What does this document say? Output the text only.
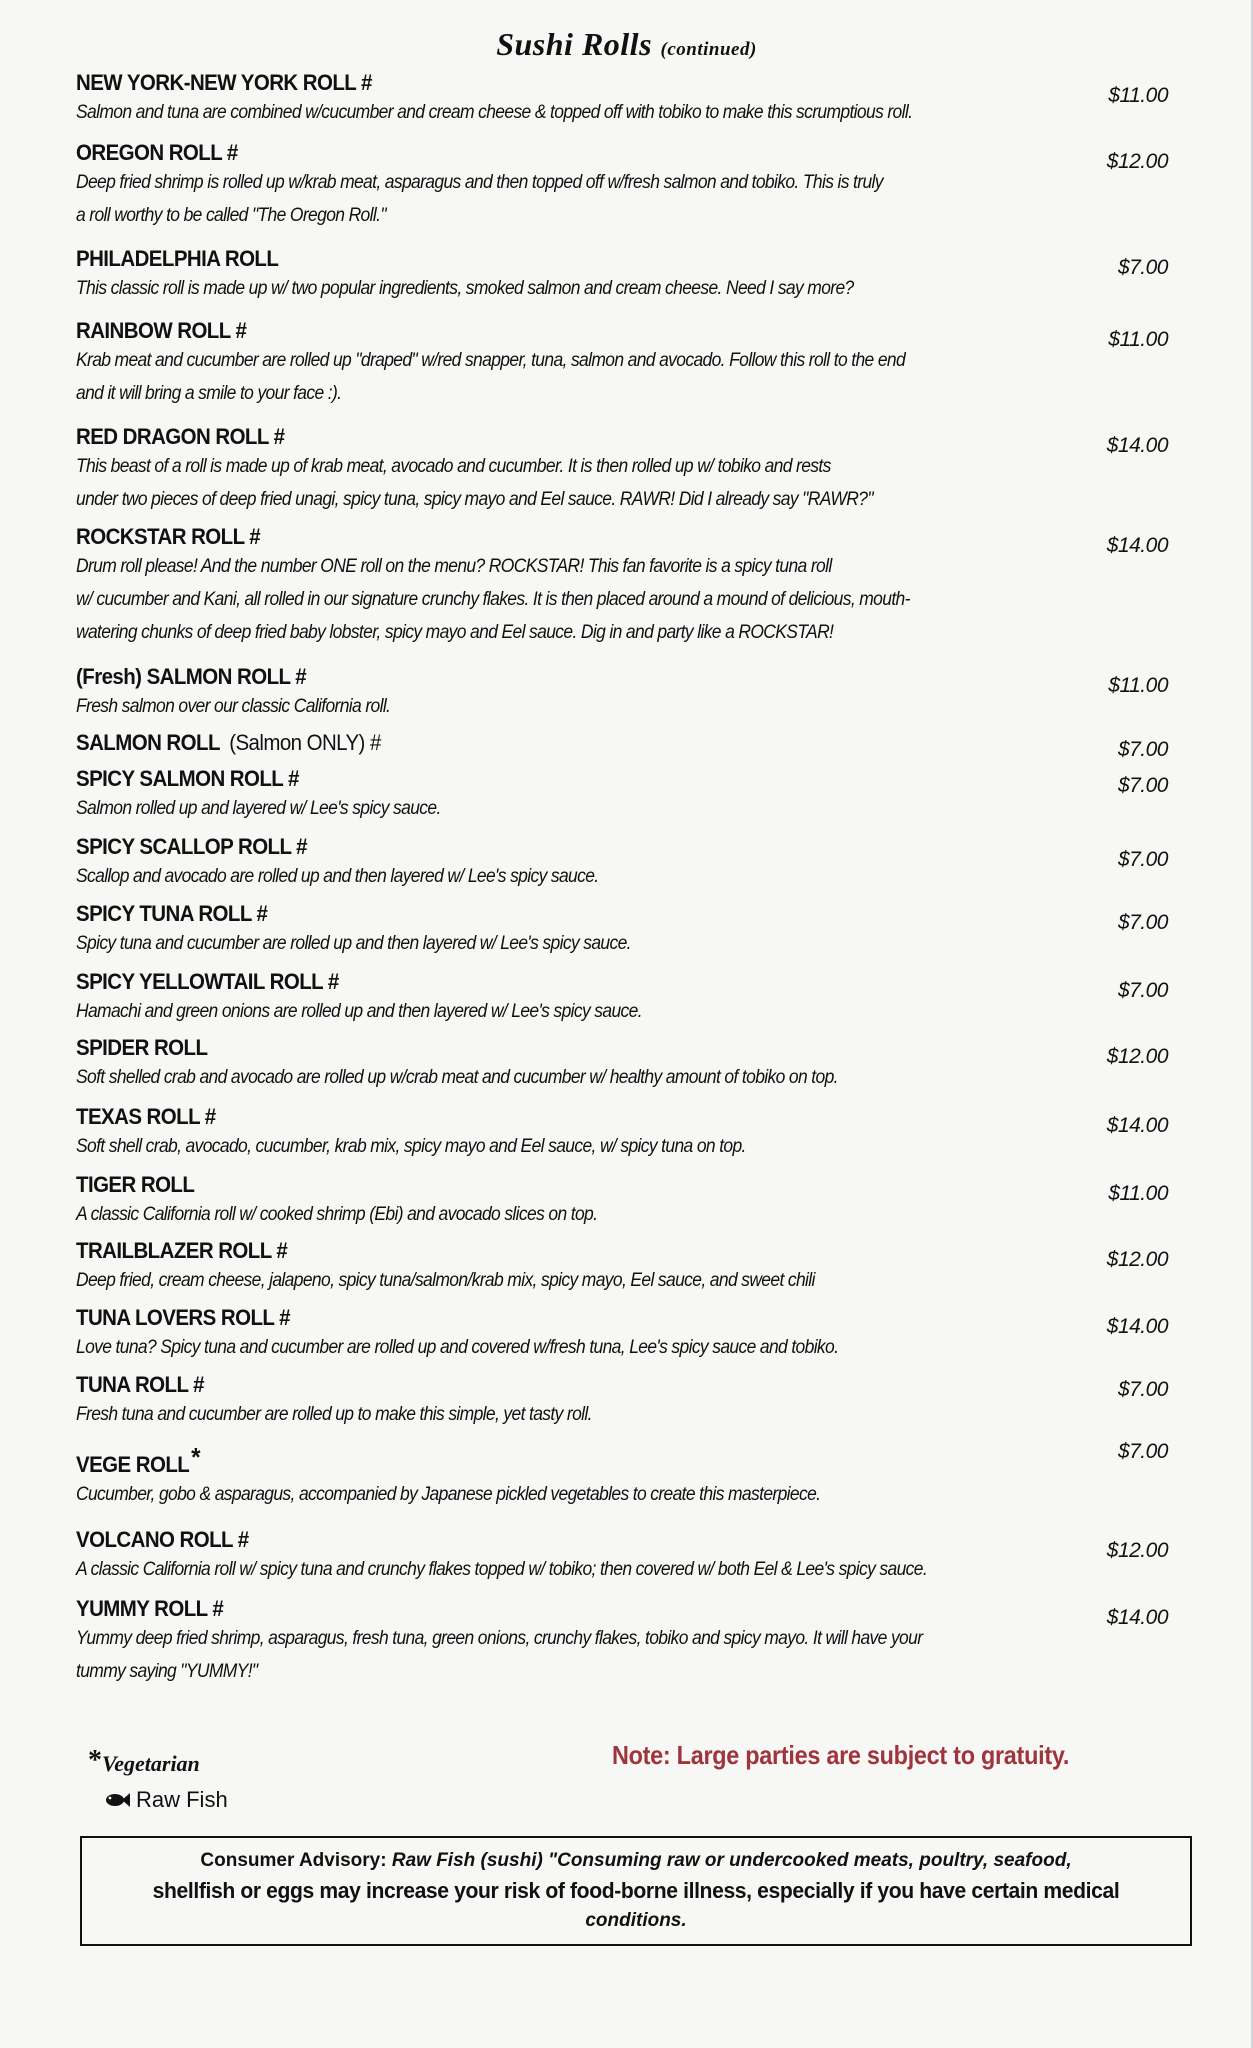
Sushi Rolls (continued)
NEW YORK-NEW YORK ROLL #
Salmon and tuna are combined w/cucumber and cream cheese & topped off with tobiko to make this scrumptious roll.
$11.00
OREGON ROLL #
Deep fried shrimp is rolled up w/krab meat, asparagus and then topped off w/fresh salmon and tobiko. This is truly
a roll worthy to be called "The Oregon Roll."
$12.00
PHILADELPHIA ROLL
This classic roll is made up w/ two popular ingredients, smoked salmon and cream cheese. Need I say more?
$7.00
RAINBOW ROLL #
Krab meat and cucumber are rolled up "draped" w/red snapper, tuna, salmon and avocado. Follow this roll to the end
and it will bring a smile to your face :).
$11.00
RED DRAGON ROLL #
This beast of a roll is made up of krab meat, avocado and cucumber. It is then rolled up w/ tobiko and rests
under two pieces of deep fried unagi, spicy tuna, spicy mayo and Eel sauce. RAWR! Did I already say "RAWR?"
$14.00
ROCKSTAR ROLL #
Drum roll please! And the number ONE roll on the menu? ROCKSTAR! This fan favorite is a spicy tuna roll
w/ cucumber and Kani, all rolled in our signature crunchy flakes. It is then placed around a mound of delicious, mouth-
watering chunks of deep fried baby lobster, spicy mayo and Eel sauce. Dig in and party like a ROCKSTAR!
$14.00
(Fresh) SALMON ROLL #
Fresh salmon over our classic California roll.
$11.00
SALMON ROLL (Salmon ONLY) #	$7.00
SPICY SALMON ROLL #
Salmon rolled up and layered w/ Lee's spicy sauce.
$7.00
SPICY SCALLOP ROLL #
Scallop and avocado are rolled up and then layered w/ Lee's spicy sauce.
$7.00
SPICY TUNA ROLL #
Spicy tuna and cucumber are rolled up and then layered w/ Lee's spicy sauce.
$7.00
SPICY YELLOWTAIL ROLL #
Hamachi and green onions are rolled up and then layered w/ Lee's spicy sauce.
$7.00
SPIDER ROLL
Soft shelled crab and avocado are rolled up w/crab meat and cucumber w/ healthy amount of tobiko on top.
$12.00
TEXAS ROLL #
Soft shell crab, avocado, cucumber, krab mix, spicy mayo and Eel sauce, w/ spicy tuna on top.
$14.00
TIGER ROLL
A classic California roll w/ cooked shrimp (Ebi) and avocado slices on top.
$11.00
TRAILBLAZER ROLL #
Deep fried, cream cheese, jalapeno, spicy tuna/salmon/krab mix, spicy mayo, Eel sauce, and sweet chili
$12.00
TUNA LOVERS ROLL #
Love tuna? Spicy tuna and cucumber are rolled up and covered w/fresh tuna, Lee's spicy sauce and tobiko.
$14.00
TUNA ROLL #
Fresh tuna and cucumber are rolled up to make this simple, yet tasty roll.
$7.00
VEGE ROLL*
Cucumber, gobo & asparagus, accompanied by Japanese pickled vegetables to create this masterpiece.
$7.00
VOLCANO ROLL #
A classic California roll w/ spicy tuna and crunchy flakes topped w/ tobiko; then covered w/ both Eel & Lee's spicy sauce.
$12.00
YUMMY ROLL #
Yummy deep fried shrimp, asparagus, fresh tuna, green onions, crunchy flakes, tobiko and spicy mayo. It will have your
tummy saying "YUMMY!"
$14.00
*Vegetarian
Raw Fish
Note: Large parties are subject to gratuity.
Consumer Advisory: Raw Fish (sushi) "Consuming raw or undercooked meats, poultry, seafood,
shellfish or eggs may increase your risk of food-borne illness, especially if you have certain medical
conditions.
